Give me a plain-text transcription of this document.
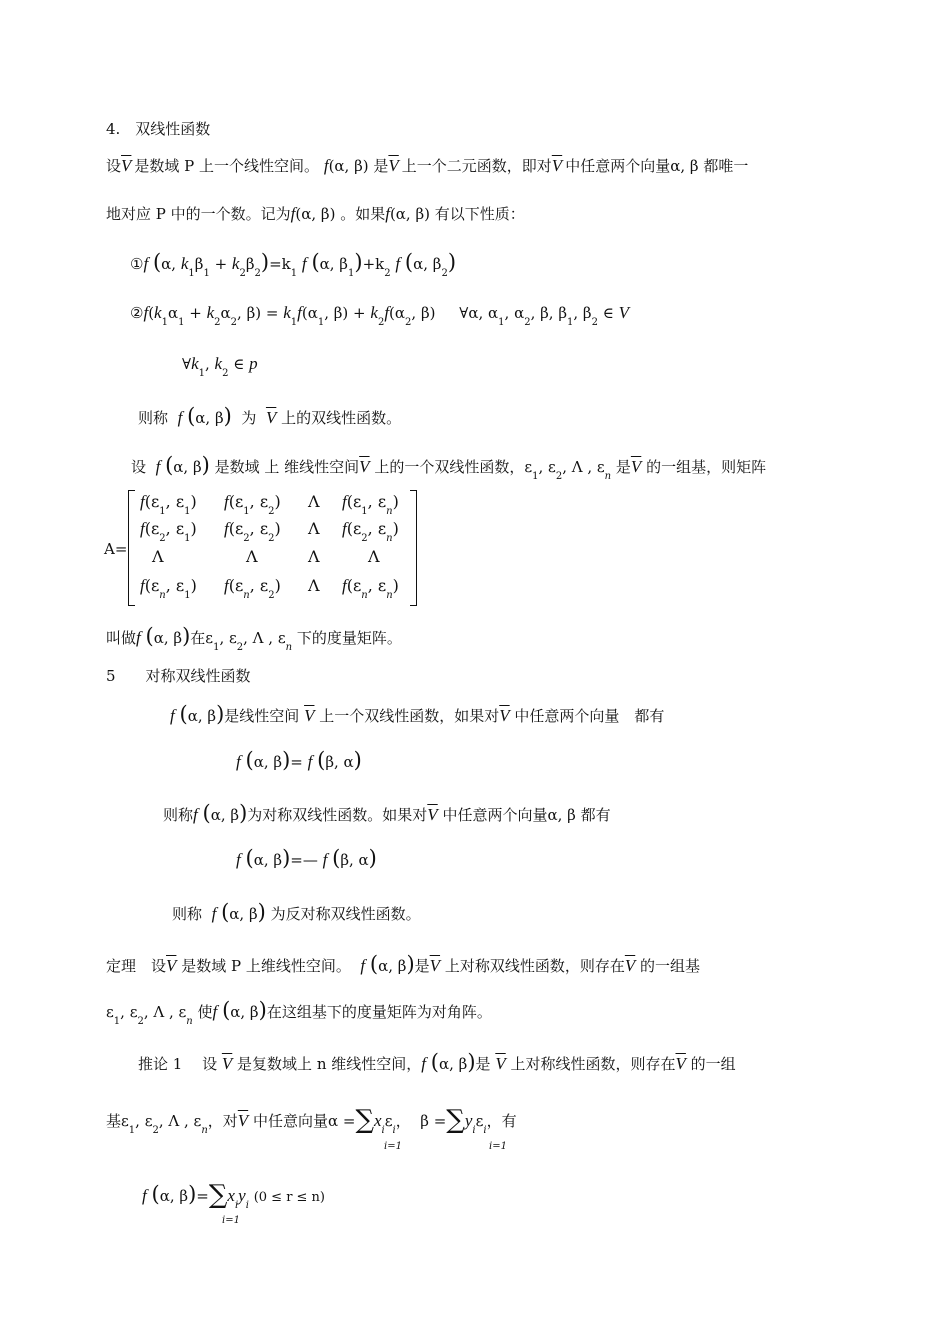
4.　双线性函数
设$\overline{V}$  是数域 P 上一个线性空间。 f(α, β) 是$\overline{V}$  上一个二元函数，即对$\overline{V}$  中任意两个向量α, β 都唯一
地对应 P 中的一个数。记为f(α, β) 。如果f(α, β) 有以下性质：
①f (α, $k_1\beta_1 + k_2\beta_2)=k_1$ f (α, $\beta_1)+k_2$ f (α, $\beta_2$)
$②f(k_1\alpha_1 + k_2\alpha_2$, $\beta) = k_1f(\alpha_1$, $\beta) + k_2f(\alpha_2$, β)     ∀α, $\alpha_1$, $\alpha_2$, β, $\beta_1$, $\beta_2$ ∈ V
$\forall k_1$, $k_2$ ∈ p
则称 f (α, β) 为 $\overline{V}$ 上的双线性函数。
设 f (α, β) 是数域 上 维线性空间$\overline{V}$ 上的一个双线性函数，$\varepsilon_1$, $\varepsilon_2$, Λ , $\varepsilon_n$ 是$\overline{V}$ 的一组基，则矩阵
A=
$f(\varepsilon_1$, $\varepsilon_1$)	$f(\varepsilon_1$, $\varepsilon_2$)	Λ	$f(\varepsilon_1$, $\varepsilon_n$)
$f(\varepsilon_2$, $\varepsilon_1$)	$f(\varepsilon_2$, $\varepsilon_2$)	Λ	$f(\varepsilon_2$, $\varepsilon_n$)
Λ	Λ	Λ	Λ
$f(\varepsilon_n$, $\varepsilon_1$)	$f(\varepsilon_n$, $\varepsilon_2$)	Λ	$f(\varepsilon_n$, $\varepsilon_n$)
叫做f (α, β)在$\varepsilon_1$, $\varepsilon_2$, Λ , $\varepsilon_n$ 下的度量矩阵。
5　　对称双线性函数
f (α, β)是线性空间 $\overline{V}$ 上一个双线性函数，如果对$\overline{V}$ 中任意两个向量　都有
f (α, β)= f (β, α)
则称f (α, β)为对称双线性函数。如果对$\overline{V}$ 中任意两个向量α, β 都有
f (α, β)=— f (β, α)
则称 f (α, β) 为反对称双线性函数。
定理　设$\overline{V}$ 是数域 P 上维线性空间。 f (α, β)是$\overline{V}$ 上对称双线性函数，则存在$\overline{V}$ 的一组基
$\varepsilon_1$, $\varepsilon_2$, Λ , $\varepsilon_n$ 使f (α, β)在这组基下的度量矩阵为对角阵。
推论 1　 设 $\overline{V}$ 是复数域上 n 维线性空间，f (α, β)是 $\overline{V}$ 上对称线性函数，则存在$\overline{V}$ 的一组
基$\varepsilon_1$, $\varepsilon_2$, Λ , $\varepsilon_n$，对$\overline{V}$ 中任意向量$\alpha =\sum x_i\varepsilon_i$，  $\beta =\sum y_i\varepsilon_i$，有
i=1	i=1
f (α, $\beta)=\sum x_iy_i$ (0 ≤ r ≤ n)
i=1
